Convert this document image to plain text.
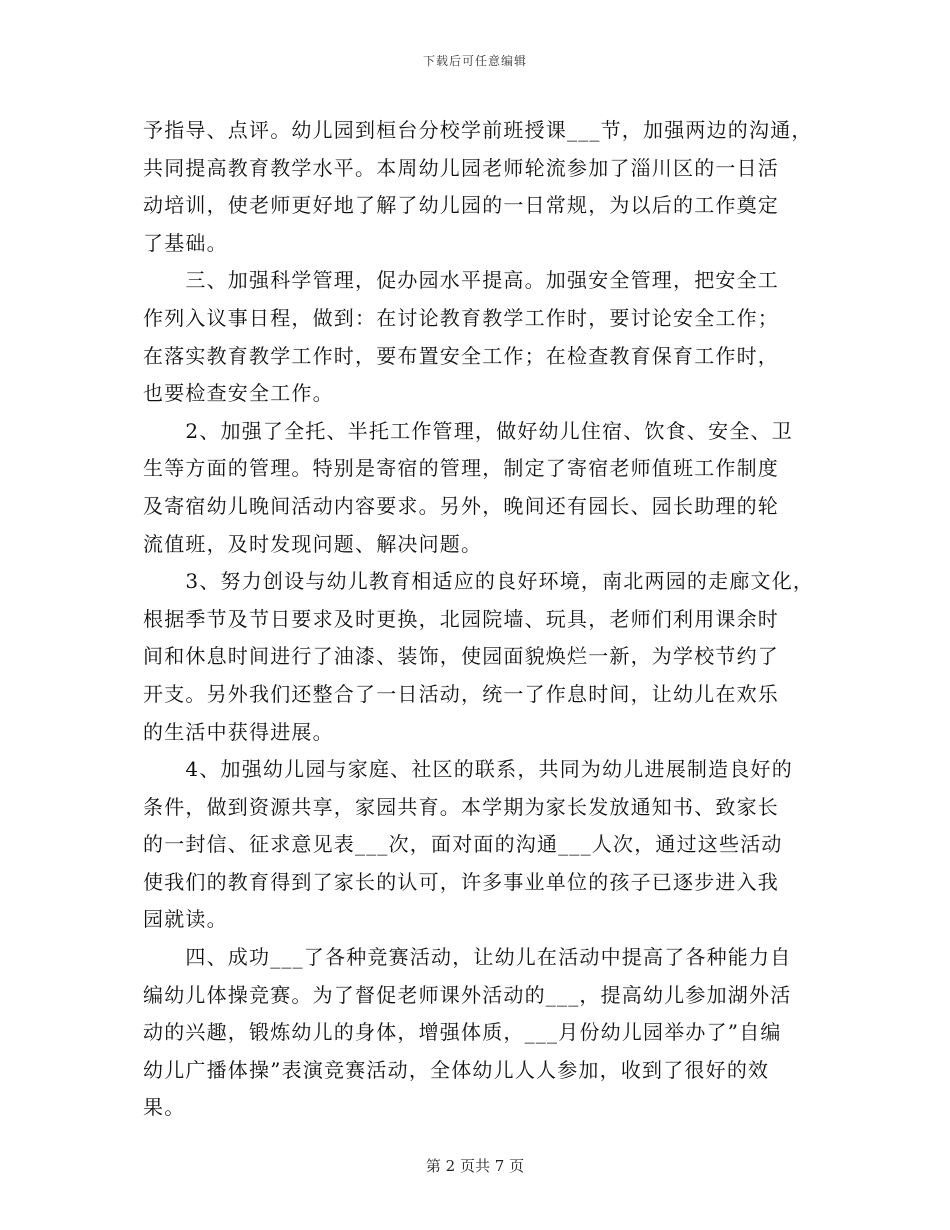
下载后可任意编辑

予指导、点评。幼儿园到桓台分校学前班授课___节，加强两边的沟通，
共同提高教育教学水平。本周幼儿园老师轮流参加了淄川区的一日活
动培训，使老师更好地了解了幼儿园的一日常规，为以后的工作奠定
了基础。
　　三、加强科学管理，促办园水平提高。加强安全管理，把安全工
作列入议事日程，做到：在讨论教育教学工作时，要讨论安全工作；
在落实教育教学工作时，要布置安全工作；在检查教育保育工作时，
也要检查安全工作。
　　2、加强了全托、半托工作管理，做好幼儿住宿、饮食、安全、卫
生等方面的管理。特别是寄宿的管理，制定了寄宿老师值班工作制度
及寄宿幼儿晚间活动内容要求。另外，晚间还有园长、园长助理的轮
流值班，及时发现问题、解决问题。
　　3、努力创设与幼儿教育相适应的良好环境，南北两园的走廊文化，
根据季节及节日要求及时更换，北园院墙、玩具，老师们利用课余时
间和休息时间进行了油漆、装饰，使园面貌焕烂一新，为学校节约了
开支。另外我们还整合了一日活动，统一了作息时间，让幼儿在欢乐
的生活中获得进展。
　　4、加强幼儿园与家庭、社区的联系，共同为幼儿进展制造良好的
条件，做到资源共享，家园共育。本学期为家长发放通知书、致家长
的一封信、征求意见表___次，面对面的沟通___人次，通过这些活动
使我们的教育得到了家长的认可，许多事业单位的孩子已逐步进入我
园就读。
　　四、成功___了各种竞赛活动，让幼儿在活动中提高了各种能力自
编幼儿体操竞赛。为了督促老师课外活动的___，提高幼儿参加湖外活
动的兴趣，锻炼幼儿的身体，增强体质，___月份幼儿园举办了”自编
幼儿广播体操”表演竞赛活动，全体幼儿人人参加，收到了很好的效
果。

第 2 页共 7 页
